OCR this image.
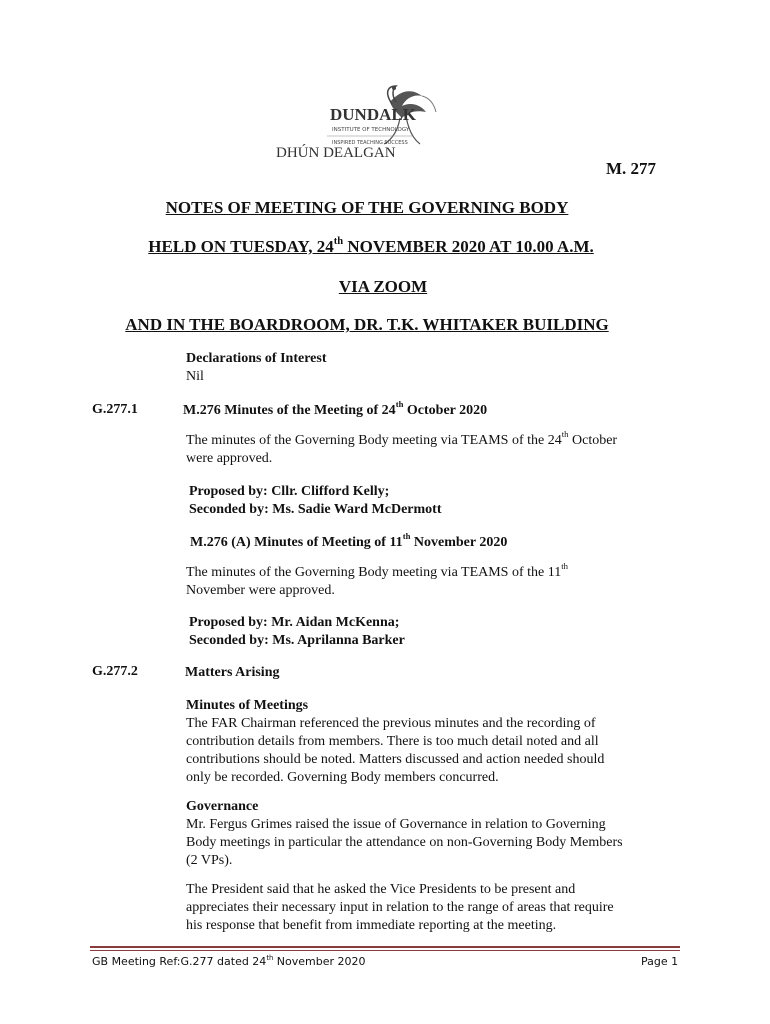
DUNDALK
INSTITUTE OF TECHNOLOGY
INSPIRED TEACHING SUCCESS
DHÚN DEALGAN
M. 277
NOTES OF MEETING OF THE GOVERNING BODY
HELD ON TUESDAY, 24th NOVEMBER 2020 AT 10.00 A.M.
VIA ZOOM
AND IN THE BOARDROOM, DR. T.K. WHITAKER BUILDING
Declarations of Interest
Nil
G.277.1	M.276 Minutes of the Meeting of 24th October 2020
The minutes of the Governing Body meeting via TEAMS of the 24th October
were approved.
Proposed by: Cllr. Clifford Kelly;
Seconded by: Ms. Sadie Ward McDermott
M.276 (A) Minutes of Meeting of 11th November 2020
The minutes of the Governing Body meeting via TEAMS of the 11th
November were approved.
Proposed by: Mr. Aidan McKenna;
Seconded by: Ms. Aprilanna Barker
G.277.2	Matters Arising
Minutes of Meetings
The FAR Chairman referenced the previous minutes and the recording of
contribution details from members. There is too much detail noted and all
contributions should be noted. Matters discussed and action needed should
only be recorded. Governing Body members concurred.
Governance
Mr. Fergus Grimes raised the issue of Governance in relation to Governing
Body meetings in particular the attendance on non-Governing Body Members
(2 VPs).
The President said that he asked the Vice Presidents to be present and
appreciates their necessary input in relation to the range of areas that require
his response that benefit from immediate reporting at the meeting.
GB Meeting Ref:G.277 dated 24th November 2020	Page 1
